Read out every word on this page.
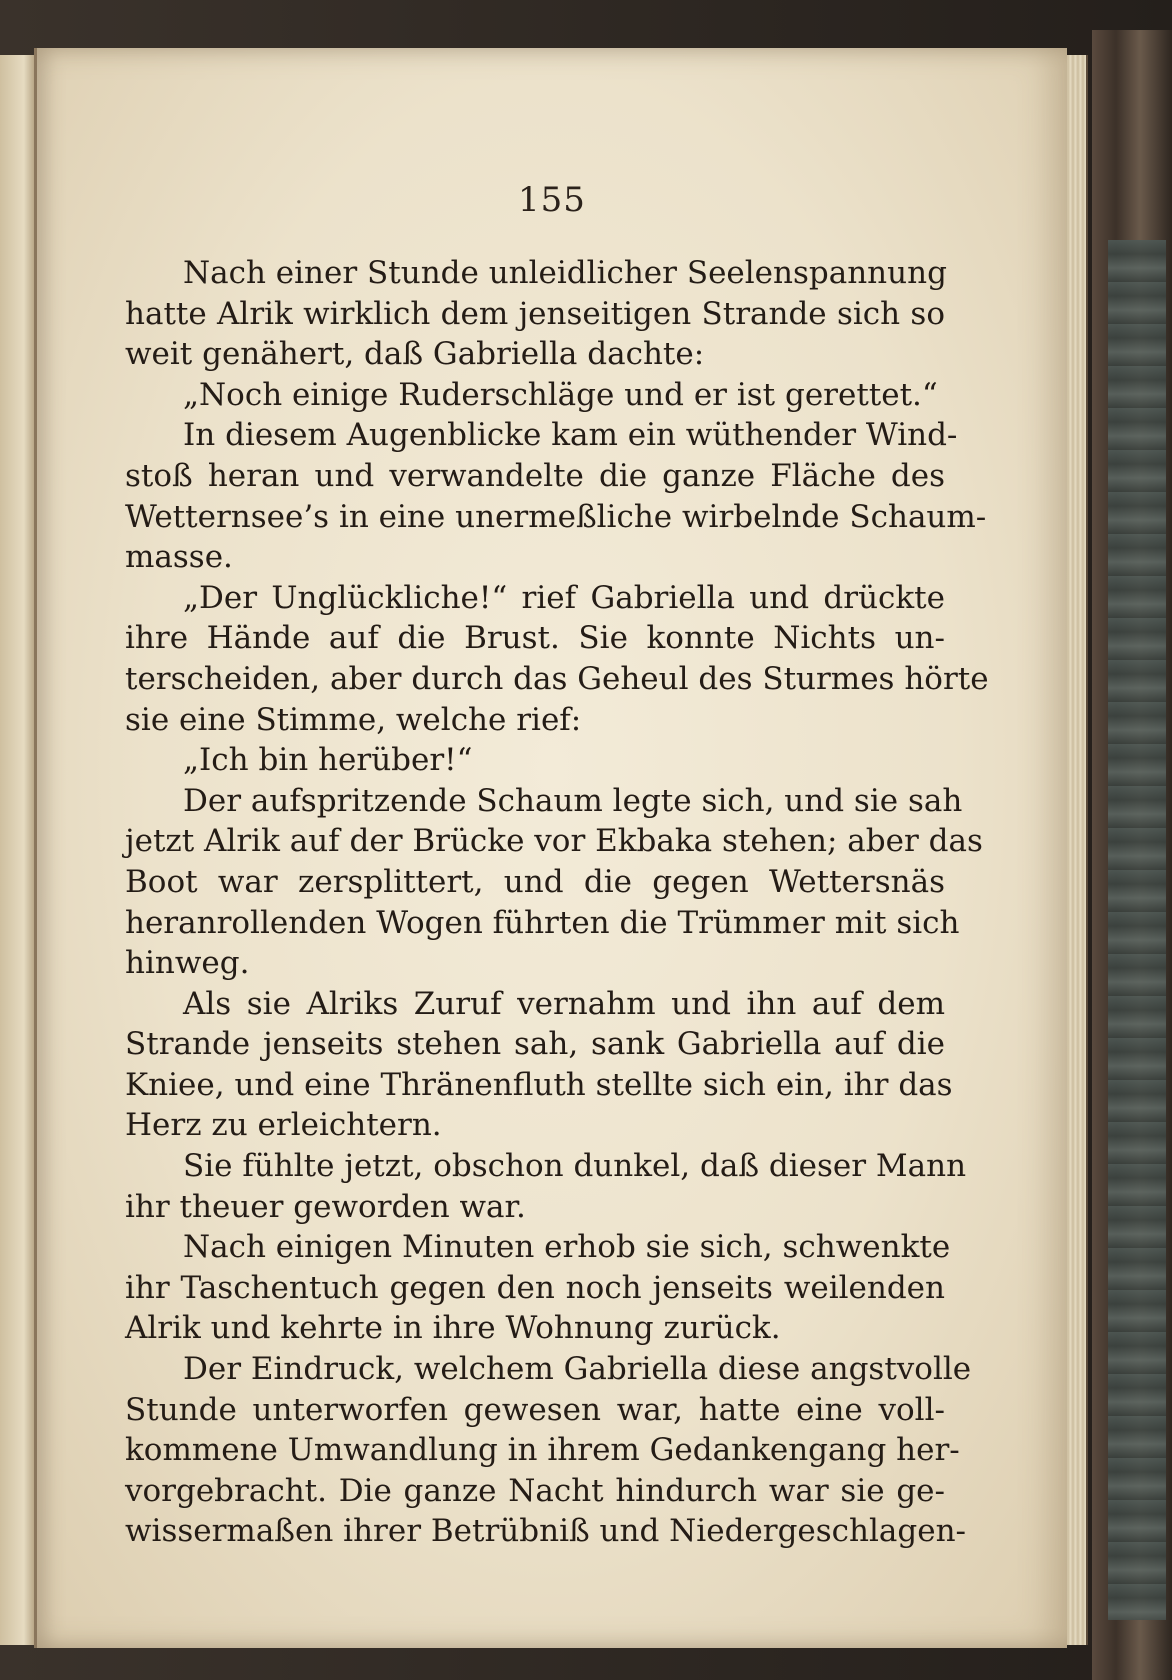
155
Nach einer Stunde unleidlicher Seelenspannung
hatte Alrik wirklich dem jenseitigen Strande sich so
weit genähert, daß Gabriella dachte:
„Noch einige Ruderschläge und er ist gerettet.“
In diesem Augenblicke kam ein wüthender Wind-
stoß heran und verwandelte die ganze Fläche des
Wetternsee’s in eine unermeßliche wirbelnde Schaum-
masse.
„Der Unglückliche!“ rief Gabriella und drückte
ihre Hände auf die Brust. Sie konnte Nichts un-
terscheiden, aber durch das Geheul des Sturmes hörte
sie eine Stimme, welche rief:
„Ich bin herüber!“
Der aufspritzende Schaum legte sich, und sie sah
jetzt Alrik auf der Brücke vor Ekbaka stehen; aber das
Boot war zersplittert, und die gegen Wettersnäs
heranrollenden Wogen führten die Trümmer mit sich
hinweg.
Als sie Alriks Zuruf vernahm und ihn auf dem
Strande jenseits stehen sah, sank Gabriella auf die
Kniee, und eine Thränenfluth stellte sich ein, ihr das
Herz zu erleichtern.
Sie fühlte jetzt, obschon dunkel, daß dieser Mann
ihr theuer geworden war.
Nach einigen Minuten erhob sie sich, schwenkte
ihr Taschentuch gegen den noch jenseits weilenden
Alrik und kehrte in ihre Wohnung zurück.
Der Eindruck, welchem Gabriella diese angstvolle
Stunde unterworfen gewesen war, hatte eine voll-
kommene Umwandlung in ihrem Gedankengang her-
vorgebracht. Die ganze Nacht hindurch war sie ge-
wissermaßen ihrer Betrübniß und Niedergeschlagen-
